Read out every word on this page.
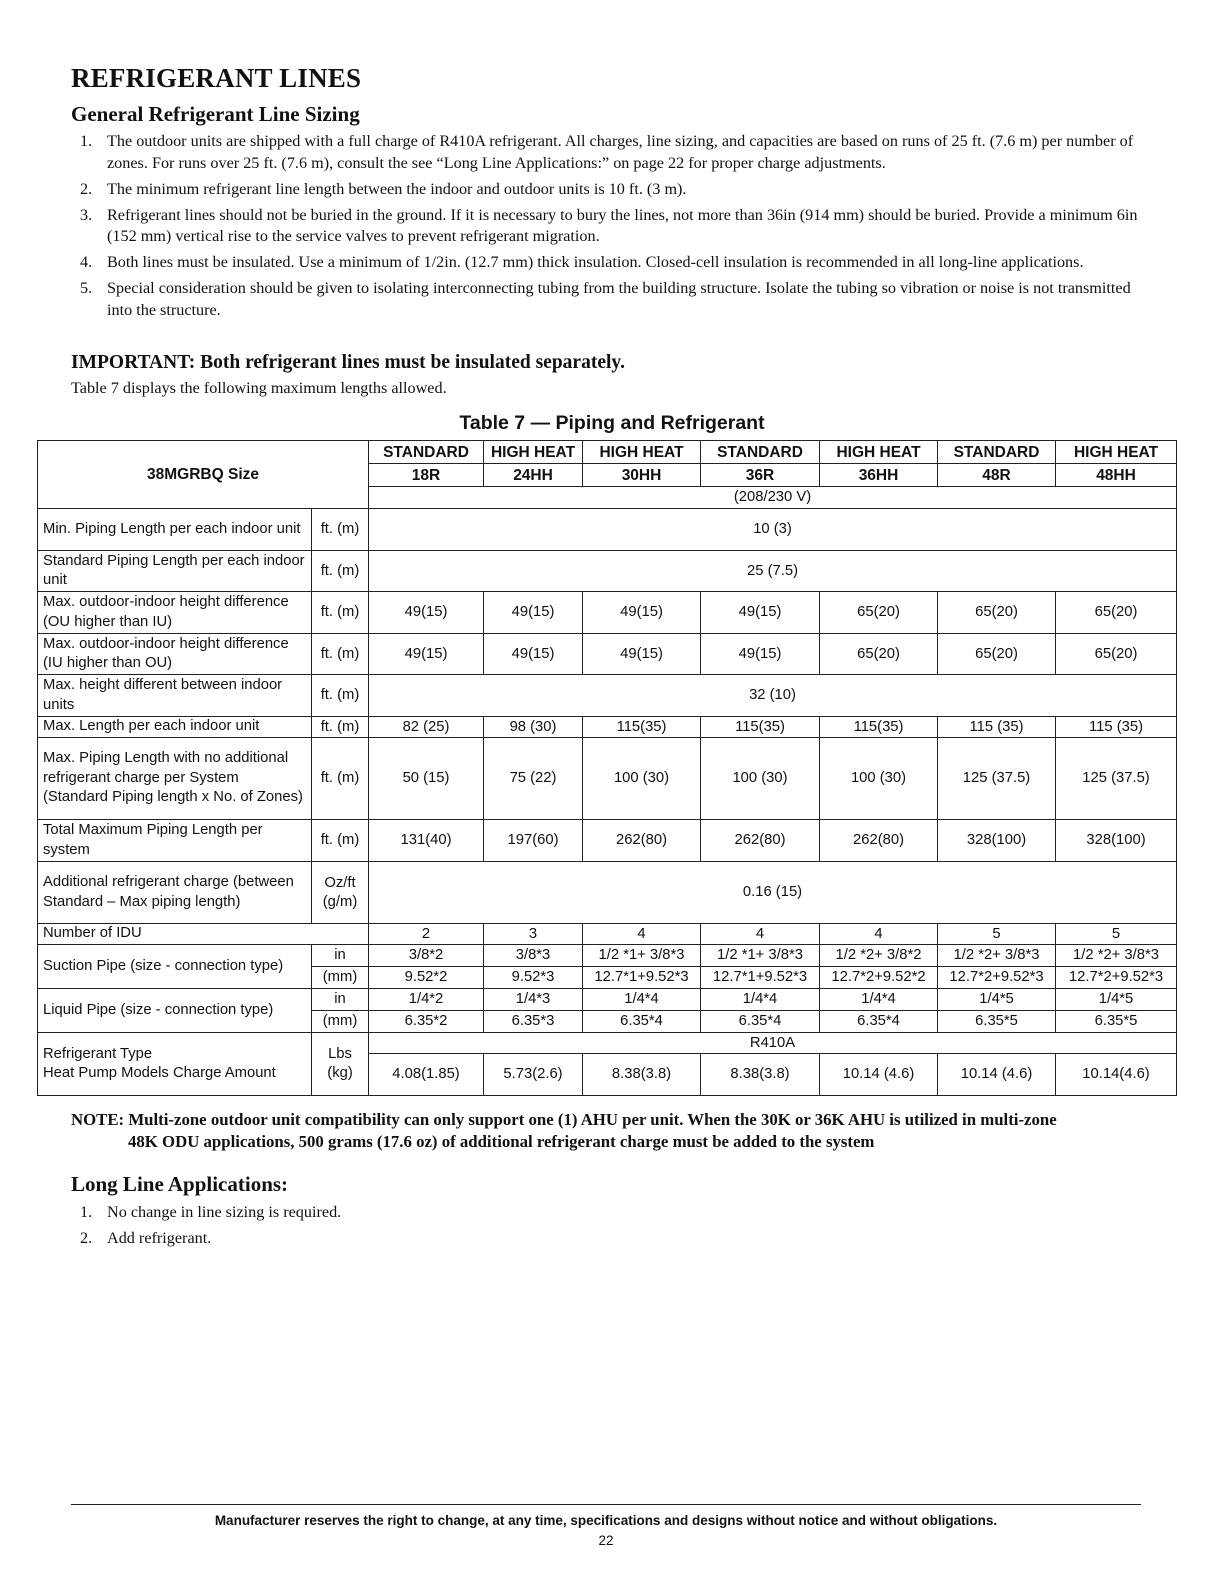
REFRIGERANT LINES
General Refrigerant Line Sizing
1. The outdoor units are shipped with a full charge of R410A refrigerant. All charges, line sizing, and capacities are based on runs of 25 ft. (7.6 m) per number of zones. For runs over 25 ft. (7.6 m), consult the see “Long Line Applications:” on page 22 for proper charge adjustments.
2. The minimum refrigerant line length between the indoor and outdoor units is 10 ft. (3 m).
3. Refrigerant lines should not be buried in the ground. If it is necessary to bury the lines, not more than 36in (914 mm) should be buried. Provide a minimum 6in (152 mm) vertical rise to the service valves to prevent refrigerant migration.
4. Both lines must be insulated. Use a minimum of 1/2in. (12.7 mm) thick insulation. Closed-cell insulation is recommended in all long-line applications.
5. Special consideration should be given to isolating interconnecting tubing from the building structure. Isolate the tubing so vibration or noise is not transmitted into the structure.

IMPORTANT: Both refrigerant lines must be insulated separately.

Table 7 displays the following maximum lengths allowed.

Table 7 — Piping and Refrigerant
38MGRBQ Size		STANDARD	HIGH HEAT	HIGH HEAT	STANDARD	HIGH HEAT	STANDARD	HIGH HEAT
		18R	24HH	30HH	36R	36HH	48R	48HH
		(208/230 V)						
Min. Piping Length per each indoor unit	ft. (m)	10 (3)						
Standard Piping Length per each indoor unit	ft. (m)	25 (7.5)						
Max. outdoor-indoor height difference (OU higher than IU)	ft. (m)	49(15)	49(15)	49(15)	49(15)	65(20)	65(20)	65(20)
Max. outdoor-indoor height difference (IU higher than OU)	ft. (m)	49(15)	49(15)	49(15)	49(15)	65(20)	65(20)	65(20)
Max. height different between indoor units	ft. (m)	32 (10)						
Max. Length per each indoor unit	ft. (m)	82 (25)	98 (30)	115(35)	115(35)	115(35)	115 (35)	115 (35)
Max. Piping Length with no additional refrigerant charge per System (Standard Piping length x No. of Zones)	ft. (m)	50 (15)	75 (22)	100 (30)	100 (30)	100 (30)	125 (37.5)	125 (37.5)
Total Maximum Piping Length per system	ft. (m)	131(40)	197(60)	262(80)	262(80)	262(80)	328(100)	328(100)
Additional refrigerant charge (between Standard – Max piping length)	Oz/ft (g/m)	0.16 (15)						
Number of IDU		2	3	4	4	4	5	5
Suction Pipe (size - connection type)	in	3/8*2	3/8*3	1/2 *1+ 3/8*3	1/2 *1+ 3/8*3	1/2 *2+ 3/8*2	1/2 *2+ 3/8*3	1/2 *2+ 3/8*3
	(mm)	9.52*2	9.52*3	12.7*1+9.52*3	12.7*1+9.52*3	12.7*2+9.52*2	12.7*2+9.52*3	12.7*2+9.52*3
Liquid Pipe (size - connection type)	in	1/4*2	1/4*3	1/4*4	1/4*4	1/4*4	1/4*5	1/4*5
	(mm)	6.35*2	6.35*3	6.35*4	6.35*4	6.35*4	6.35*5	6.35*5

Refrigerant Type
Heat Pump Models Charge Amount	Lbs (kg)	R410A						
		4.08(1.85)	5.73(2.6)	8.38(3.8)	8.38(3.8)	10.14 (4.6)	10.14 (4.6)	10.14(4.6)

NOTE: Multi-zone outdoor unit compatibility can only support one (1) AHU per unit. When the 30K or 36K AHU is utilized in multi-zone
48K ODU applications, 500 grams (17.6 oz) of additional refrigerant charge must be added to the system

Long Line Applications:
1. No change in line sizing is required.
2. Add refrigerant.
Manufacturer reserves the right to change, at any time, specifications and designs without notice and without obligations.
22
